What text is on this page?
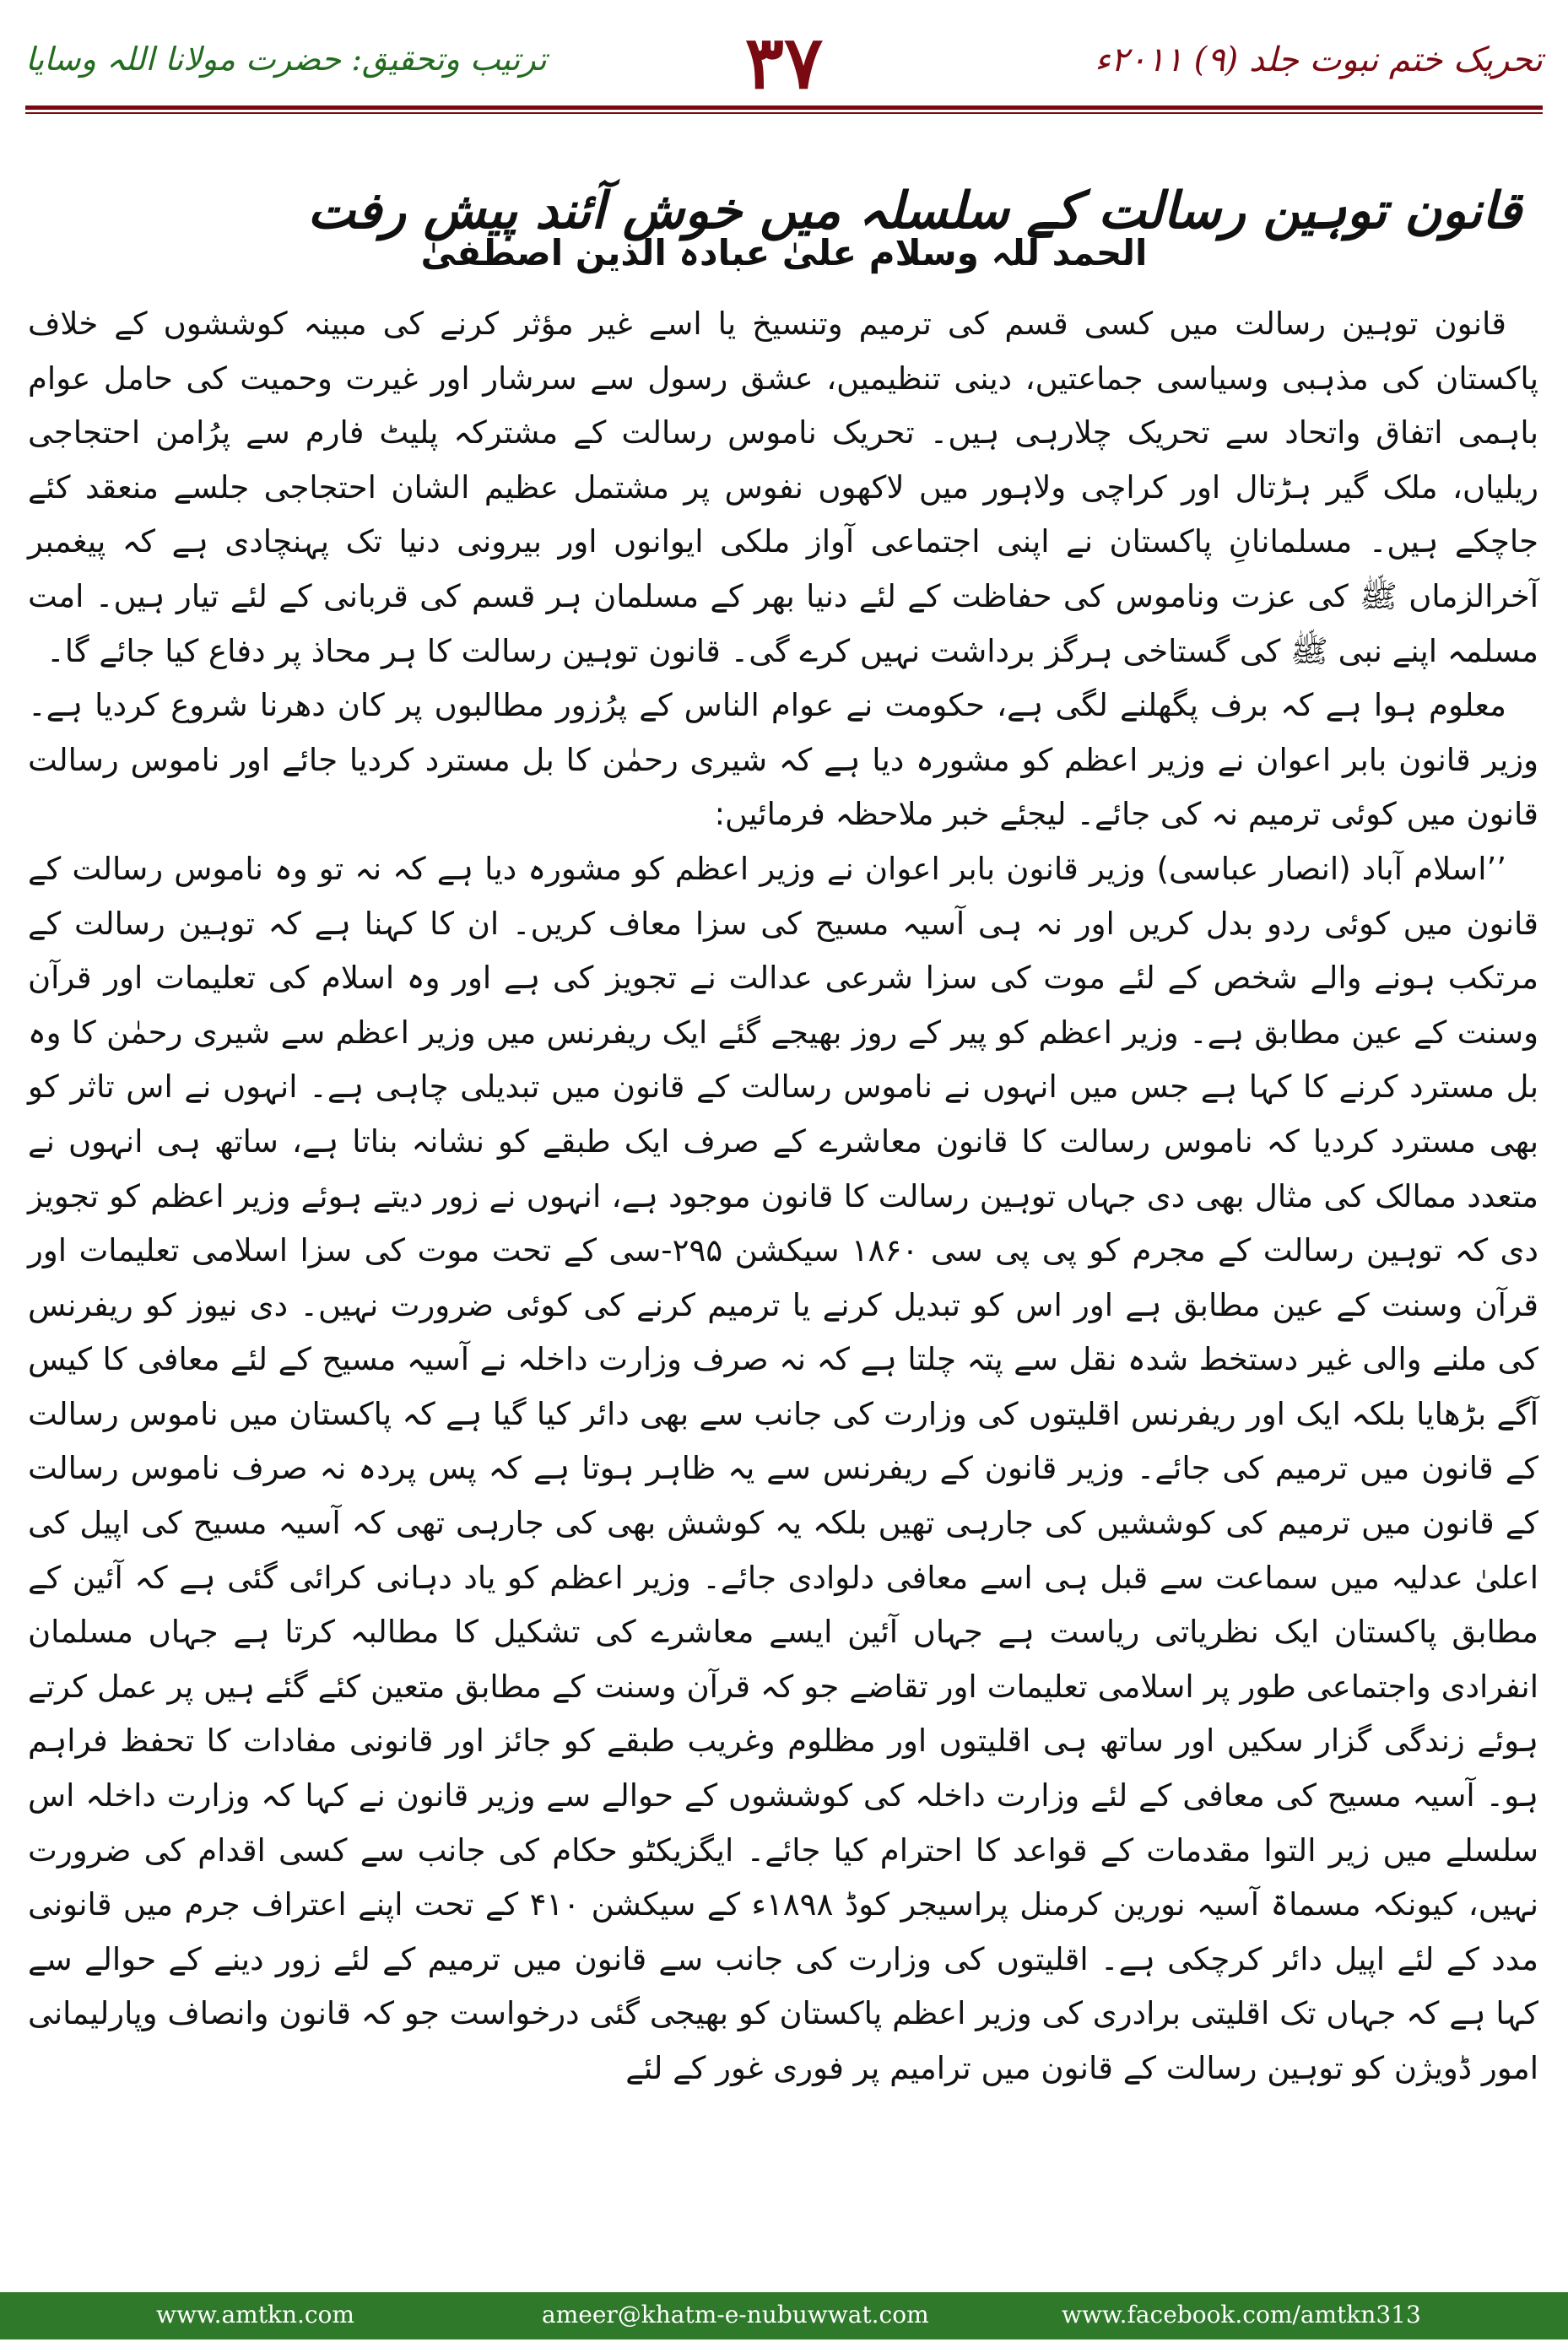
تحریک ختم نبوت جلد (۹) ۲۰۱۱ء
۳۷
ترتیب وتحقیق: حضرت مولانا اللہ وسایا
قانون توہین رسالت کے سلسلہ میں خوش آئند پیش رفت
الحمد للہ وسلام علیٰ عبادہ الذین اصطفیٰ

قانون توہین رسالت میں کسی قسم کی ترمیم وتنسیخ یا اسے غیر مؤثر کرنے کی مبینہ کوششوں کے خلاف پاکستان کی مذہبی وسیاسی جماعتیں، دینی تنظیمیں، عشق رسول سے سرشار اور غیرت وحمیت کی حامل عوام باہمی اتفاق واتحاد سے تحریک چلارہی ہیں۔ تحریک ناموس رسالت کے مشترکہ پلیٹ فارم سے پرُامن احتجاجی ریلیاں، ملک گیر ہڑتال اور کراچی ولاہور میں لاکھوں نفوس پر مشتمل عظیم الشان احتجاجی جلسے منعقد کئے جاچکے ہیں۔ مسلمانانِ پاکستان نے اپنی اجتماعی آواز ملکی ایوانوں اور بیرونی دنیا تک پہنچادی ہے کہ پیغمبر آخرالزماں ﷺ کی عزت وناموس کی حفاظت کے لئے دنیا بھر کے مسلمان ہر قسم کی قربانی کے لئے تیار ہیں۔ امت مسلمہ اپنے نبی ﷺ کی گستاخی ہرگز برداشت نہیں کرے گی۔ قانون توہین رسالت کا ہر محاذ پر دفاع کیا جائے گا۔

معلوم ہوا ہے کہ برف پگھلنے لگی ہے، حکومت نے عوام الناس کے پرُزور مطالبوں پر کان دھرنا شروع کردیا ہے۔ وزیر قانون بابر اعوان نے وزیر اعظم کو مشورہ دیا ہے کہ شیری رحمٰن کا بل مسترد کردیا جائے اور ناموس رسالت قانون میں کوئی ترمیم نہ کی جائے۔ لیجئے خبر ملاحظہ فرمائیں:

’’اسلام آباد (انصار عباسی) وزیر قانون بابر اعوان نے وزیر اعظم کو مشورہ دیا ہے کہ نہ تو وہ ناموس رسالت کے قانون میں کوئی ردو بدل کریں اور نہ ہی آسیہ مسیح کی سزا معاف کریں۔ ان کا کہنا ہے کہ توہین رسالت کے مرتکب ہونے والے شخص کے لئے موت کی سزا شرعی عدالت نے تجویز کی ہے اور وہ اسلام کی تعلیمات اور قرآن وسنت کے عین مطابق ہے۔ وزیر اعظم کو پیر کے روز بھیجے گئے ایک ریفرنس میں وزیر اعظم سے شیری رحمٰن کا وہ بل مسترد کرنے کا کہا ہے جس میں انہوں نے ناموس رسالت کے قانون میں تبدیلی چاہی ہے۔ انہوں نے اس تاثر کو بھی مسترد کردیا کہ ناموس رسالت کا قانون معاشرے کے صرف ایک طبقے کو نشانہ بناتا ہے، ساتھ ہی انہوں نے متعدد ممالک کی مثال بھی دی جہاں توہین رسالت کا قانون موجود ہے، انہوں نے زور دیتے ہوئے وزیر اعظم کو تجویز دی کہ توہین رسالت کے مجرم کو پی پی سی ۱۸۶۰ سیکشن ۲۹۵-سی کے تحت موت کی سزا اسلامی تعلیمات اور قرآن وسنت کے عین مطابق ہے اور اس کو تبدیل کرنے یا ترمیم کرنے کی کوئی ضرورت نہیں۔ دی نیوز کو ریفرنس کی ملنے والی غیر دستخط شدہ نقل سے پتہ چلتا ہے کہ نہ صرف وزارت داخلہ نے آسیہ مسیح کے لئے معافی کا کیس آگے بڑھایا بلکہ ایک اور ریفرنس اقلیتوں کی وزارت کی جانب سے بھی دائر کیا گیا ہے کہ پاکستان میں ناموس رسالت کے قانون میں ترمیم کی جائے۔ وزیر قانون کے ریفرنس سے یہ ظاہر ہوتا ہے کہ پس پردہ نہ صرف ناموس رسالت کے قانون میں ترمیم کی کوششیں کی جارہی تھیں بلکہ یہ کوشش بھی کی جارہی تھی کہ آسیہ مسیح کی اپیل کی اعلیٰ عدلیہ میں سماعت سے قبل ہی اسے معافی دلوادی جائے۔ وزیر اعظم کو یاد دہانی کرائی گئی ہے کہ آئین کے مطابق پاکستان ایک نظریاتی ریاست ہے جہاں آئین ایسے معاشرے کی تشکیل کا مطالبہ کرتا ہے جہاں مسلمان انفرادی واجتماعی طور پر اسلامی تعلیمات اور تقاضے جو کہ قرآن وسنت کے مطابق متعین کئے گئے ہیں پر عمل کرتے ہوئے زندگی گزار سکیں اور ساتھ ہی اقلیتوں اور مظلوم وغریب طبقے کو جائز اور قانونی مفادات کا تحفظ فراہم ہو۔ آسیہ مسیح کی معافی کے لئے وزارت داخلہ کی کوششوں کے حوالے سے وزیر قانون نے کہا کہ وزارت داخلہ اس سلسلے میں زیر التوا مقدمات کے قواعد کا احترام کیا جائے۔ ایگزیکٹو حکام کی جانب سے کسی اقدام کی ضرورت نہیں، کیونکہ مسماۃ آسیہ نورین کرمنل پراسیجر کوڈ ۱۸۹۸ء کے سیکشن ۴۱۰ کے تحت اپنے اعتراف جرم میں قانونی مدد کے لئے اپیل دائر کرچکی ہے۔ اقلیتوں کی وزارت کی جانب سے قانون میں ترمیم کے لئے زور دینے کے حوالے سے کہا ہے کہ جہاں تک اقلیتی برادری کی وزیر اعظم پاکستان کو بھیجی گئی درخواست جو کہ قانون وانصاف وپارلیمانی امور ڈویژن کو توہین رسالت کے قانون میں ترامیم پر فوری غور کے لئے

www.amtkn.com	ameer@khatm-e-nubuwwat.com	www.facebook.com/amtkn313
